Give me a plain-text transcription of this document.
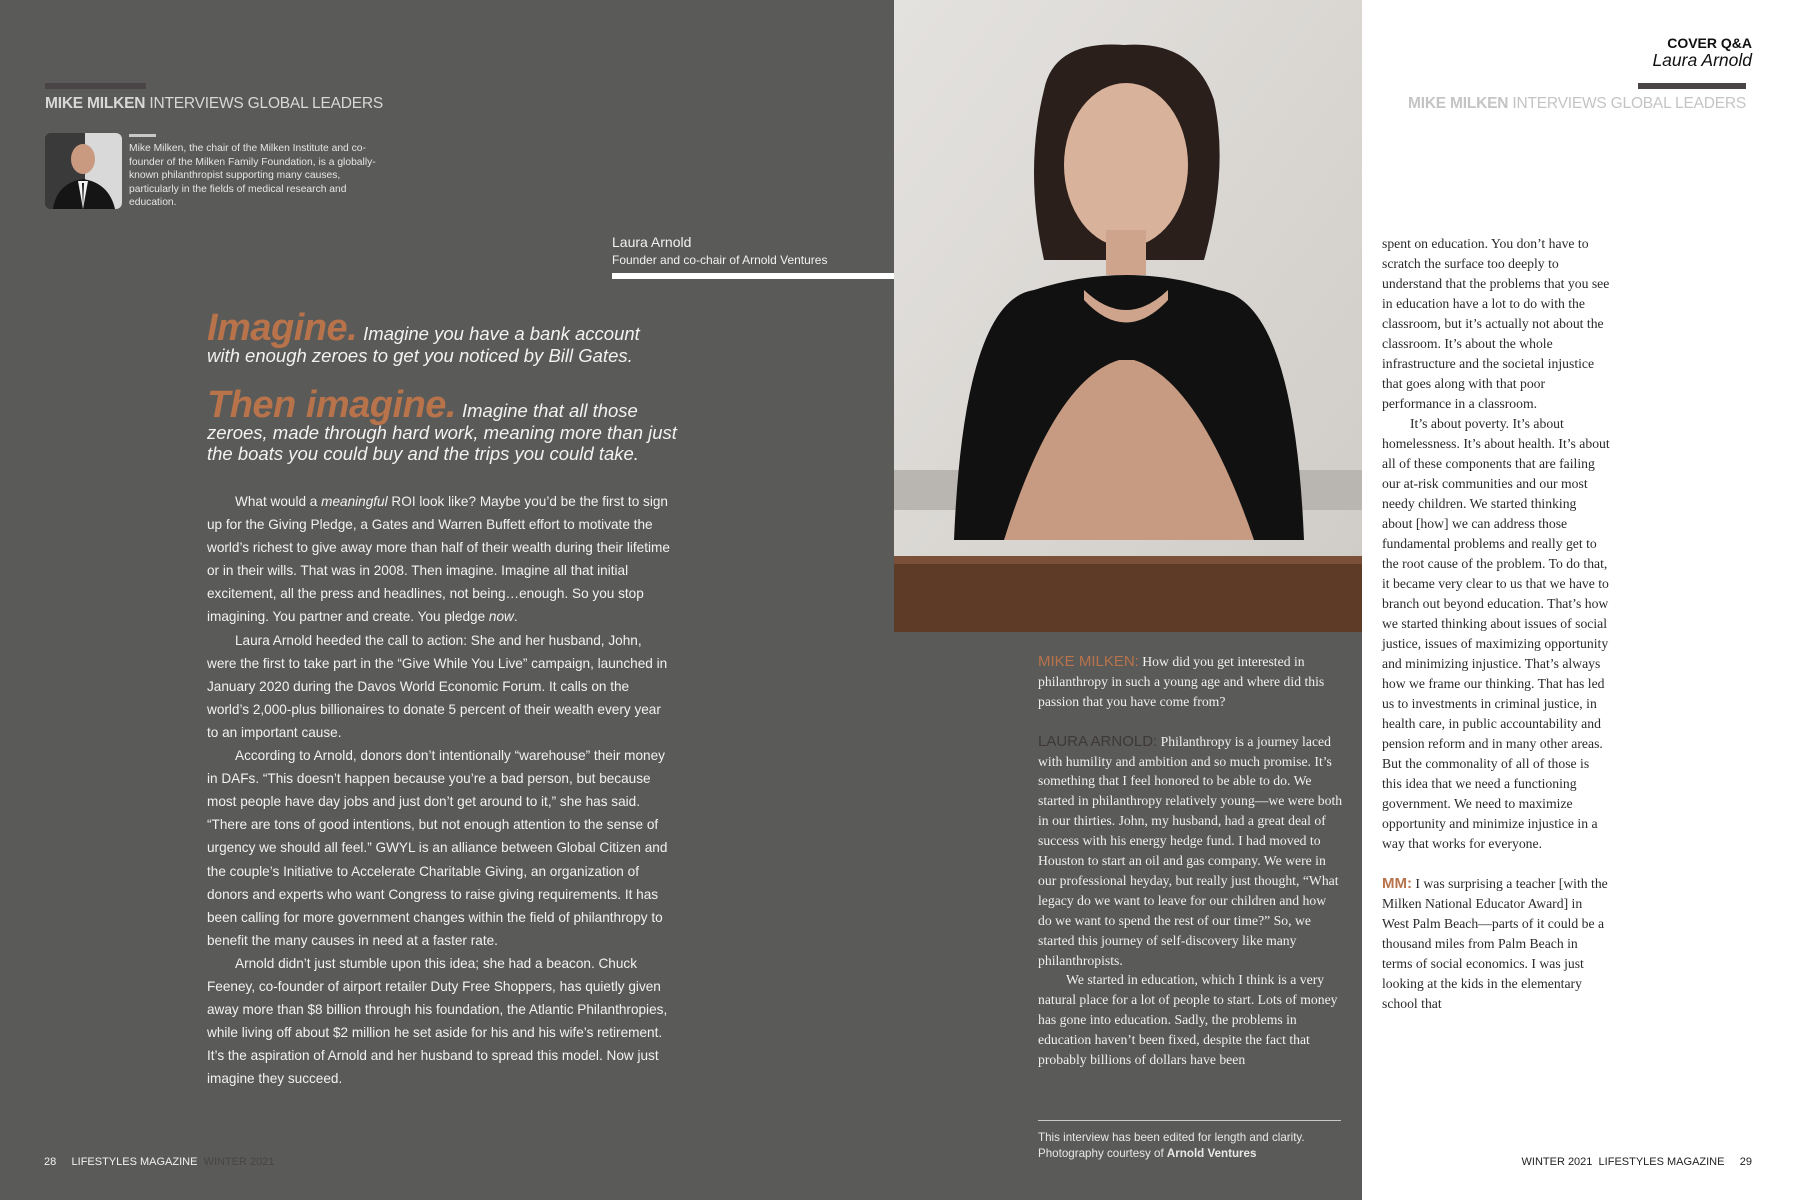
MIKE MILKEN INTERVIEWS GLOBAL LEADERS
Mike Milken, the chair of the Milken Institute and co-founder of the Milken Family Foundation, is a globally-known philanthropist supporting many causes, particularly in the fields of medical research and education.
Laura Arnold
Founder and co-chair of Arnold Ventures
Imagine. Imagine you have a bank account with enough zeroes to get you noticed by Bill Gates.
Then imagine. Imagine that all those zeroes, made through hard work, meaning more than just the boats you could buy and the trips you could take.

What would a meaningful ROI look like? Maybe you’d be the first to sign up for the Giving Pledge, a Gates and Warren Buffett effort to motivate the world’s richest to give away more than half of their wealth during their lifetime or in their wills. That was in 2008. Then imagine. Imagine all that initial excitement, all the press and headlines, not being…enough. So you stop imagining. You partner and create. You pledge now.

Laura Arnold heeded the call to action: She and her husband, John, were the first to take part in the “Give While You Live” campaign, launched in January 2020 during the Davos World Economic Forum. It calls on the world’s 2,000-plus billionaires to donate 5 percent of their wealth every year to an important cause.

According to Arnold, donors don’t intentionally “warehouse” their money in DAFs. “This doesn’t happen because you’re a bad person, but because most people have day jobs and just don’t get around to it,” she has said. “There are tons of good intentions, but not enough attention to the sense of urgency we should all feel.” GWYL is an alliance between Global Citizen and the couple’s Initiative to Accelerate Charitable Giving, an organization of donors and experts who want Congress to raise giving requirements. It has been calling for more government changes within the field of philanthropy to benefit the many causes in need at a faster rate.

Arnold didn’t just stumble upon this idea; she had a beacon. Chuck Feeney, co-founder of airport retailer Duty Free Shoppers, has quietly given away more than $8 billion through his foundation, the Atlantic Philanthropies, while living off about $2 million he set aside for his and his wife’s retirement. It’s the aspiration of Arnold and her husband to spread this model. Now just imagine they succeed.

MIKE MILKEN: How did you get interested in philanthropy in such a young age and where did this passion that you have come from?

LAURA ARNOLD: Philanthropy is a journey laced with humility and ambition and so much promise. It’s something that I feel honored to be able to do. We started in philanthropy relatively young—we were both in our thirties. John, my husband, had a great deal of success with his energy hedge fund. I had moved to Houston to start an oil and gas company. We were in our professional heyday, but really just thought, “What legacy do we want to leave for our children and how do we want to spend the rest of our time?” So, we started this journey of self-discovery like many philanthropists.

We started in education, which I think is a very natural place for a lot of people to start. Lots of money has gone into education. Sadly, the problems in education haven’t been fixed, despite the fact that probably billions of dollars have been

This interview has been edited for length and clarity.
Photography courtesy of Arnold Ventures
28 LIFESTYLES MAGAZINE WINTER 2021
COVER Q&A
Laura Arnold
MIKE MILKEN INTERVIEWS GLOBAL LEADERS

spent on education. You don’t have to scratch the surface too deeply to understand that the problems that you see in education have a lot to do with the classroom, but it’s actually not about the classroom. It’s about the whole infrastructure and the societal injustice that goes along with that poor performance in a classroom.

It’s about poverty. It’s about homelessness. It’s about health. It’s about all of these components that are failing our at-risk communities and our most needy children. We started thinking about [how] we can address those fundamental problems and really get to the root cause of the problem. To do that, it became very clear to us that we have to branch out beyond education. That’s how we started thinking about issues of social justice, issues of maximizing opportunity and minimizing injustice. That’s always how we frame our thinking. That has led us to investments in criminal justice, in health care, in public accountability and pension reform and in many other areas. But the commonality of all of those is this idea that we need a functioning government. We need to maximize opportunity and minimize injustice in a way that works for everyone.

MM: I was surprising a teacher [with the Milken National Educator Award] in West Palm Beach—parts of it could be a thousand miles from Palm Beach in terms of social economics. I was just looking at the kids in the elementary school that

WINTER 2021 LIFESTYLES MAGAZINE 29
